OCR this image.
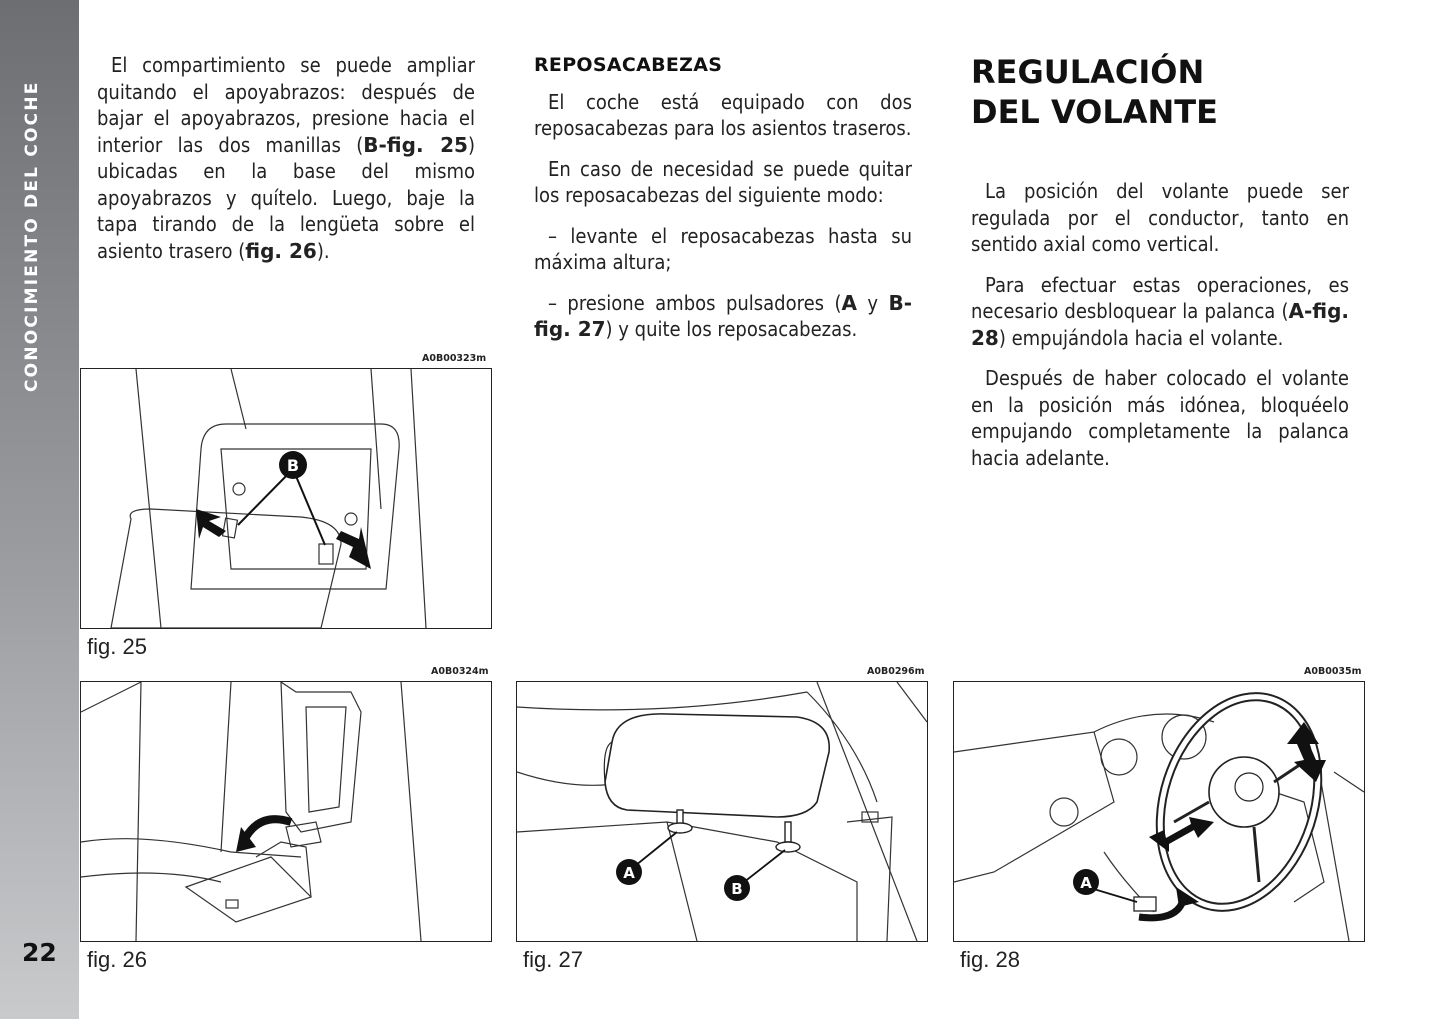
CONOCIMIENTO DEL COCHE
22

El compartimiento se puede ampliar quitando el apoyabrazos: después de bajar el apoyabrazos, presione hacia el interior las dos manillas (B-fig. 25) ubicadas en la base del mismo apoyabrazos y quítelo. Luego, baje la tapa tirando de la lengüeta sobre el asiento trasero (fig. 26).

REPOSACABEZAS

El coche está equipado con dos reposacabezas para los asientos traseros.

En caso de necesidad se puede quitar los reposacabezas del siguiente modo:

– levante el reposacabezas hasta su máxima altura;

– presione ambos pulsadores (A y B-fig. 27) y quite los reposacabezas.

REGULACIÓN
DEL VOLANTE

La posición del volante puede ser regulada por el conductor, tanto en sentido axial como vertical.

Para efectuar estas operaciones, es necesario desbloquear la palanca (A-fig. 28) empujándola hacia el volante.

Después de haber colocado el volante en la posición más idónea, bloquéelo empujando completamente la palanca hacia adelante.

A0B00323m
B
fig. 25
A0B0324m
fig. 26
A0B0296m
A
B
fig. 27
A0B0035m
A
fig. 28
